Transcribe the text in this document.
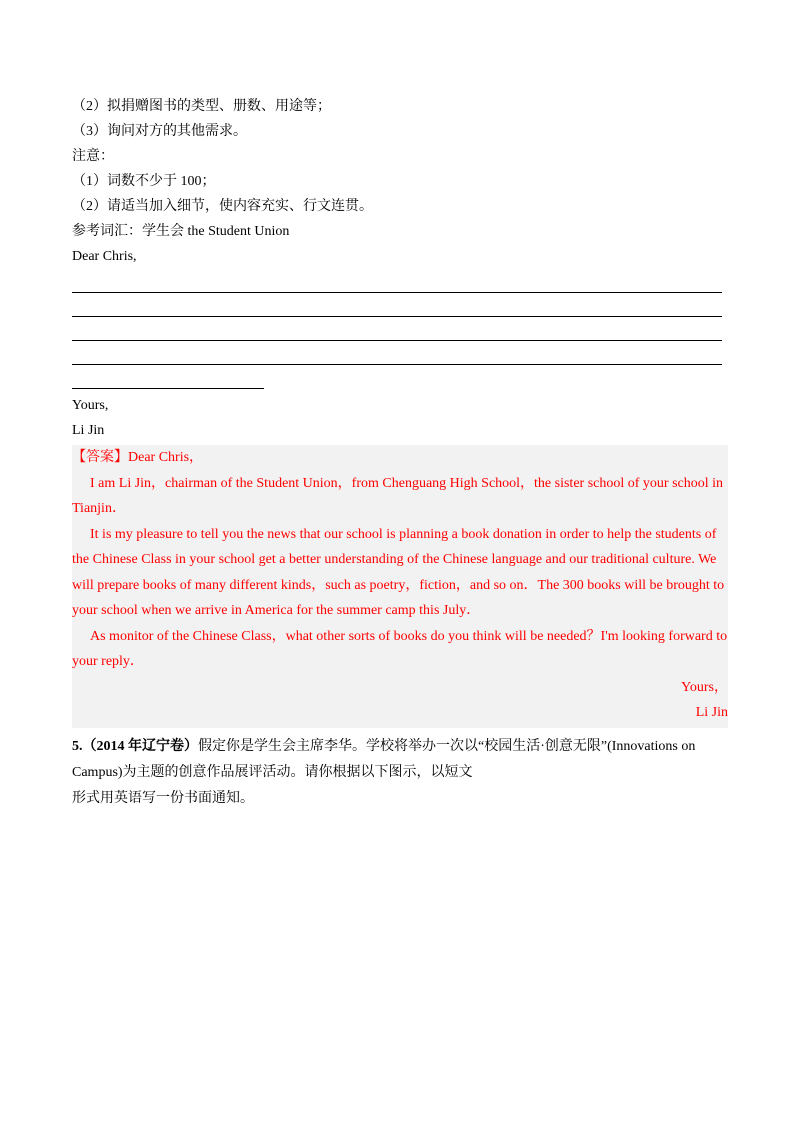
（2）拟捐赠图书的类型、册数、用途等；
（3）询问对方的其他需求。
注意：
（1）词数不少于 100；
（2）请适当加入细节，使内容充实、行文连贯。
参考词汇：学生会 the Student Union
Dear Chris,
Yours,
Li Jin

【答案】Dear Chris，

I am Li Jin，chairman of the Student Union，from Chenguang High School，the sister school of your school in Tianjin．

It is my pleasure to tell you the news that our school is planning a book donation in order to help the students of the Chinese Class in your school get a better understanding of the Chinese language and our traditional culture. We will prepare books of many different kinds，such as poetry，fiction，and so on．The 300 books will be brought to your school when we arrive in America for the summer camp this July．

As monitor of the Chinese Class，what other sorts of books do you think will be needed？I'm looking forward to your reply．

Yours，

Li Jin

5.（2014 年辽宁卷）假定你是学生会主席李华。学校将举办一次以“校园生活·创意无限”(Innovations on Campus)为主题的创意作品展评活动。请你根据以下图示，以短文
形式用英语写一份书面通知。
